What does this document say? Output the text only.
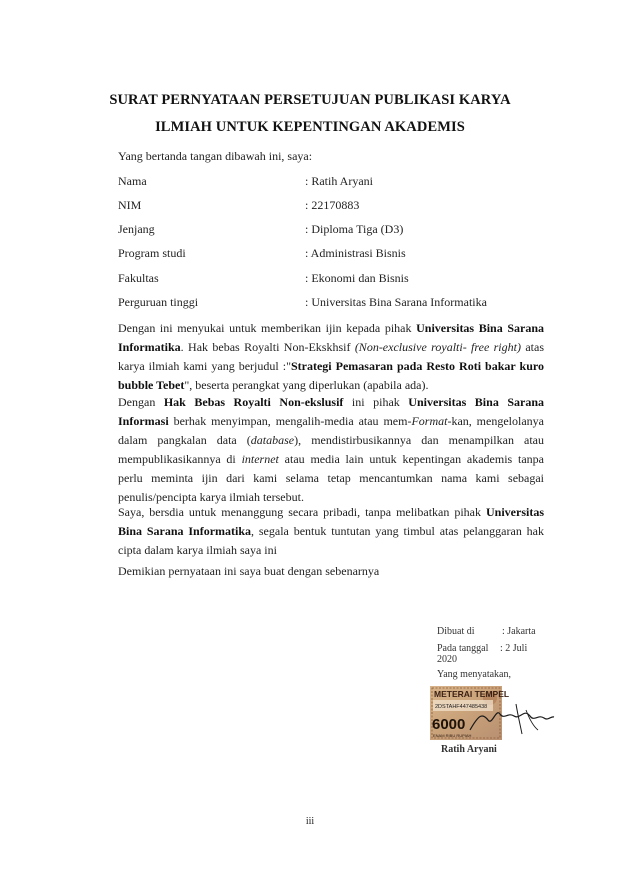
SURAT PERNYATAAN PERSETUJUAN PUBLIKASI KARYA
ILMIAH UNTUK KEPENTINGAN AKADEMIS
Yang bertanda tangan dibawah ini, saya:
Nama	: Ratih Aryani
NIM	: 22170883
Jenjang	: Diploma Tiga (D3)
Program studi	: Administrasi Bisnis
Fakultas	: Ekonomi dan Bisnis
Perguruan tinggi	: Universitas Bina Sarana Informatika
Dengan ini menyukai untuk memberikan ijin kepada pihak Universitas Bina Sarana Informatika. Hak bebas Royalti Non-Ekskhsif (Non-exclusive royalti- free right) atas karya ilmiah kami yang berjudul :"Strategi Pemasaran pada Resto Roti bakar kuro bubble Tebet", beserta perangkat yang diperlukan (apabila ada).
Dengan Hak Bebas Royalti Non-ekslusif ini pihak Universitas Bina Sarana Informasi berhak menyimpan, mengalih-media atau mem-Format-kan, mengelolanya dalam pangkalan data (database), mendistirbusikannya dan menampilkan atau mempublikasikannya di internet atau media lain untuk kepentingan akademis tanpa perlu meminta ijin dari kami selama tetap mencantumkan nama kami sebagai penulis/pencipta karya ilmiah tersebut.
Saya, bersdia untuk menanggung secara pribadi, tanpa melibatkan pihak Universitas Bina Sarana Informatika, segala bentuk tuntutan yang timbul atas pelanggaran hak cipta dalam karya ilmiah saya ini
Demikian pernyataan ini saya buat dengan sebenarnya
Dibuat di	: Jakarta
Pada tanggal : 2 Juli
2020
Yang menyatakan,
METERAI TEMPEL
2DSTAHF447485438
6000
ENAM RIBU RUPIAH
Ratih Aryani
iii
